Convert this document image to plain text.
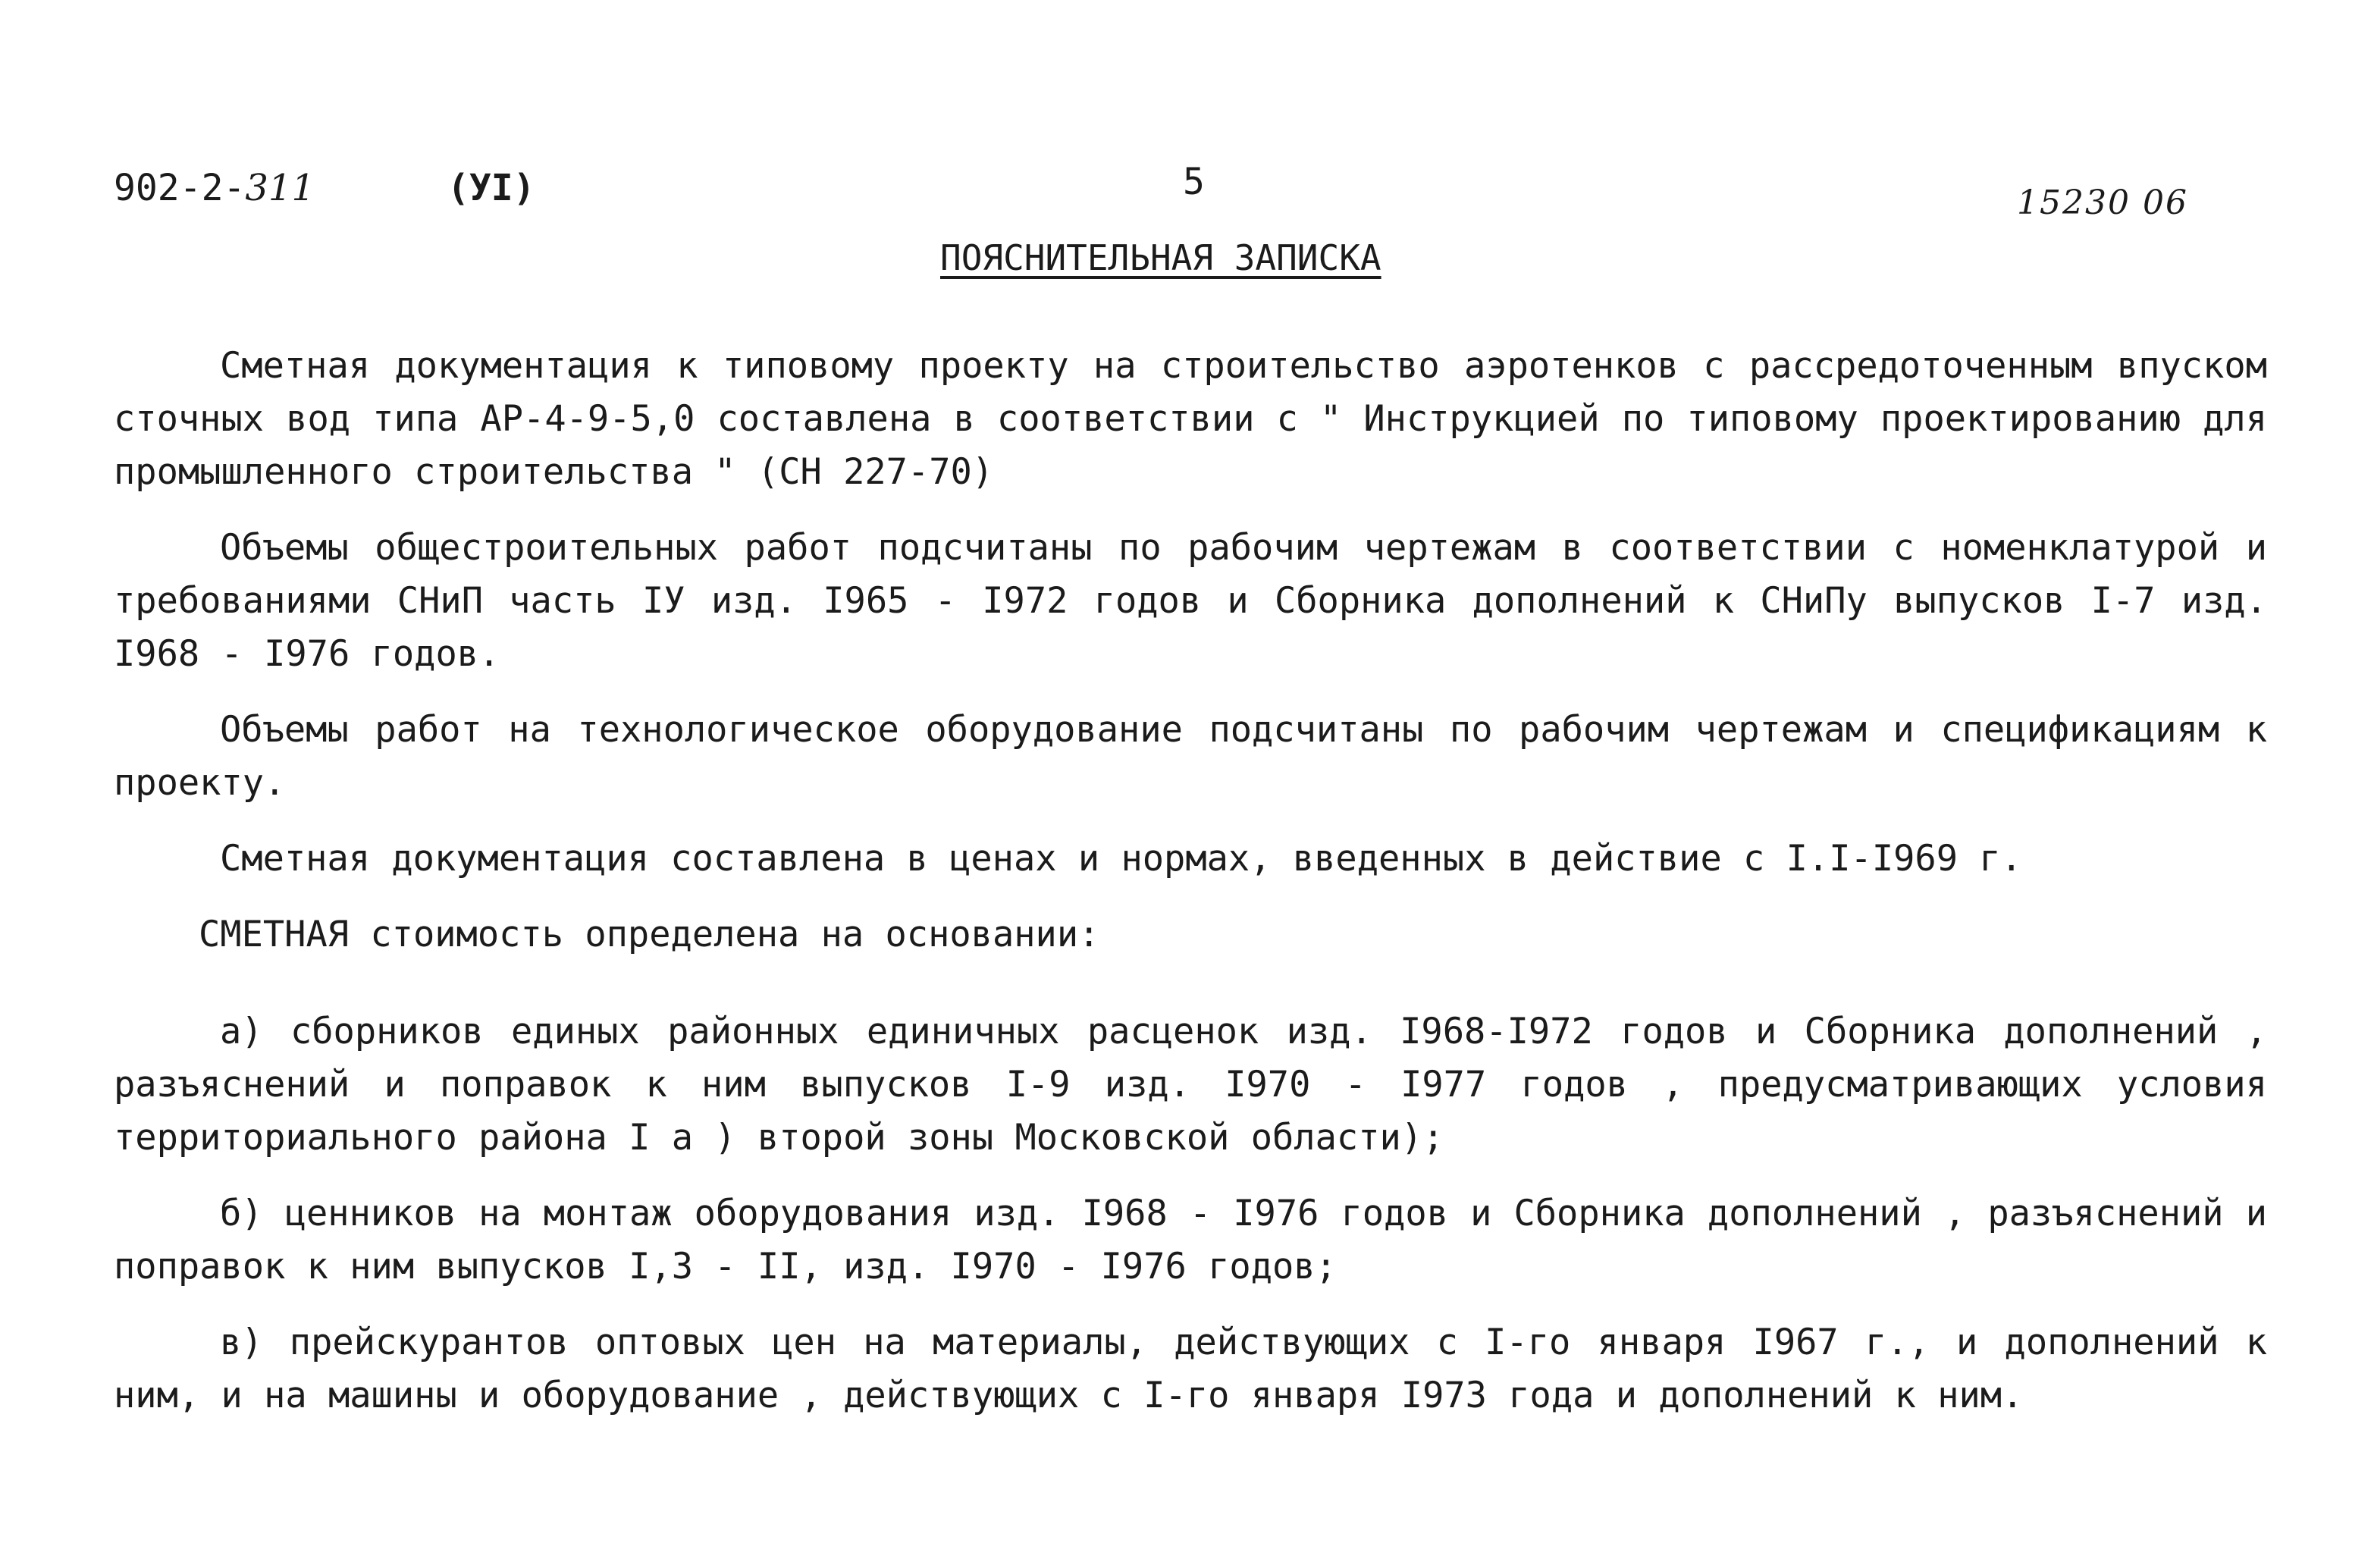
902-2-311	(УI)	5	15230 06
ПОЯСНИТЕЛЬНАЯ ЗАПИСКА

Сметная документация к типовому проекту на строительство аэротенков с рассредоточенным впуском сточных вод типа АР-4-9-5,0 составлена в соответствии с " Инструкцией по типовому проектированию для промышленного строительства " (СН 227-70)

Объемы общестроительных работ подсчитаны по рабочим чертежам в соответствии с номенклатурой и требованиями СНиП часть IУ изд. I965 - I972 годов и Сборника дополнений к СНиПу выпусков I-7 изд. I968 - I976 годов.

Объемы работ на технологическое оборудование подсчитаны по рабочим чертежам и спецификациям к проекту.

Сметная документация составлена в ценах и нормах, введенных в действие с I.I-I969 г.

СМЕТНАЯ стоимость определена на основании:

а) сборников единых районных единичных расценок изд. I968-I972 годов и Сборника дополнений , разъяснений и поправок к ним выпусков I-9 изд. I970 - I977 годов , предусматривающих условия территориального района I а ) второй зоны Московской области);

б) ценников на монтаж оборудования изд. I968 - I976 годов и Сборника дополнений , разъяснений и поправок к ним выпусков I,3 - II, изд. I970 - I976 годов;

в) прейскурантов оптовых цен на материалы, действующих с I-го января I967 г., и дополнений к ним, и на машины и оборудование , действующих с I-го января I973 года и дополнений к ним.
